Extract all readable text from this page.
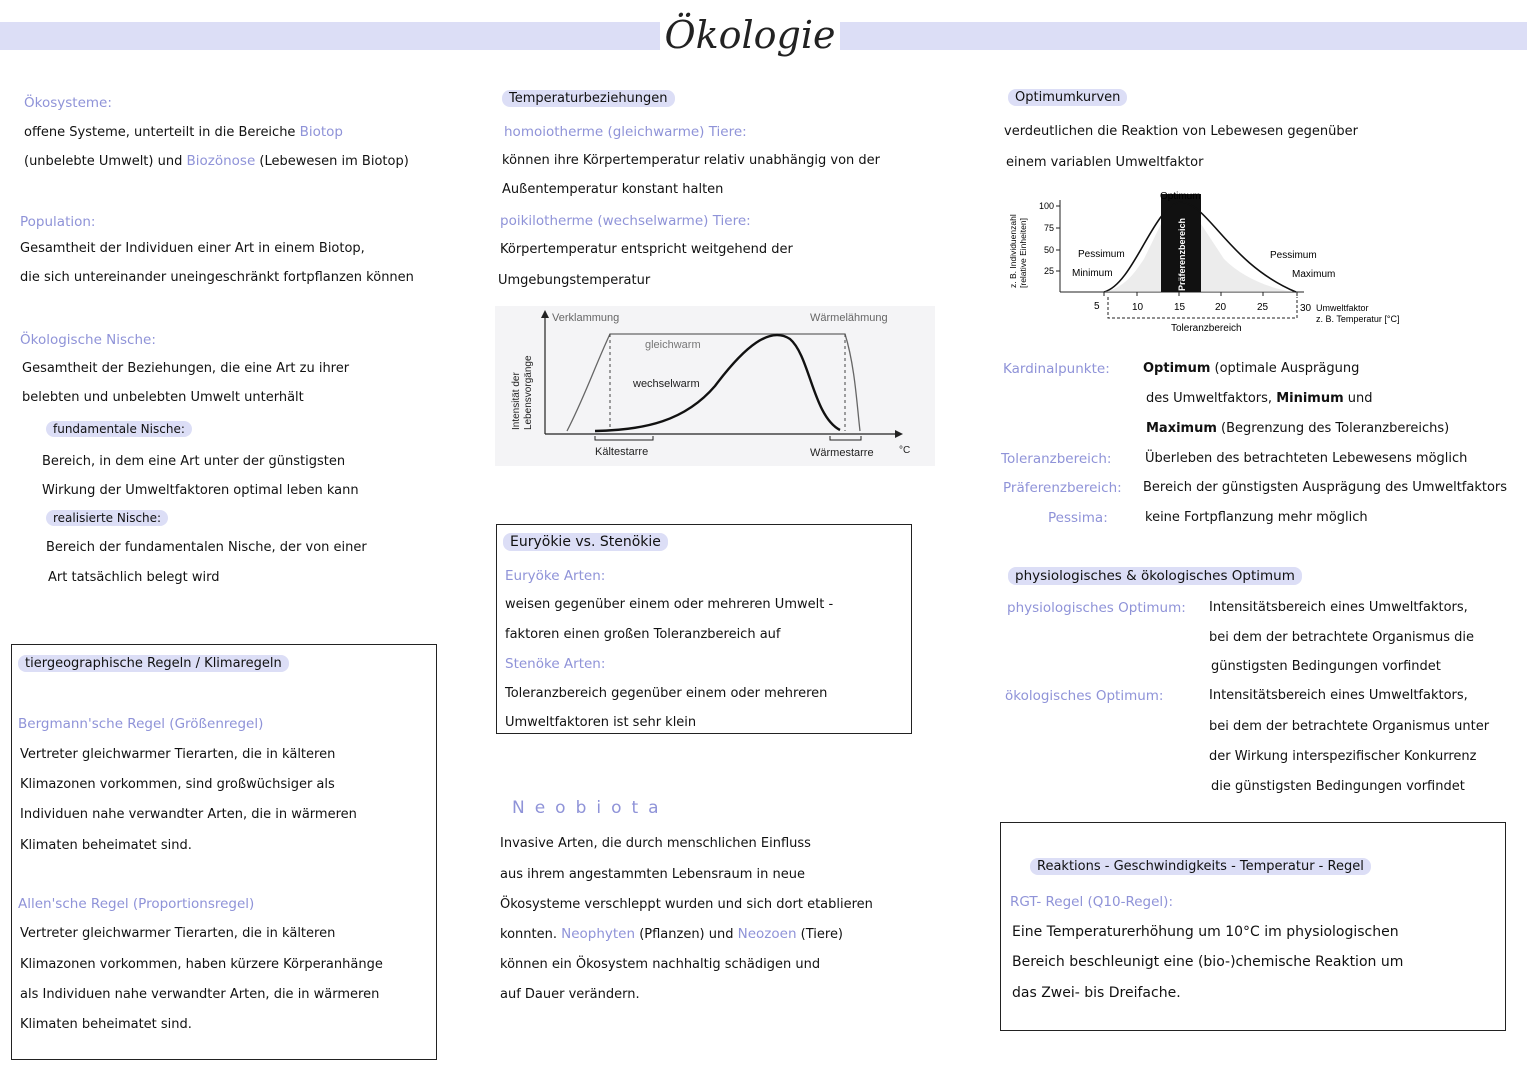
Ökologie
Ökosysteme:
offene Systeme, unterteilt in die Bereiche Biotop
(unbelebte Umwelt) und Biozönose (Lebewesen im Biotop)
Population:
Gesamtheit der Individuen einer Art in einem Biotop,
die sich untereinander uneingeschränkt fortpflanzen können
Ökologische Nische:
Gesamtheit der Beziehungen, die eine Art zu ihrer
belebten und unbelebten Umwelt unterhält
fundamentale Nische:
Bereich, in dem eine Art unter der günstigsten
Wirkung der Umweltfaktoren optimal leben kann
realisierte Nische:
Bereich der fundamentalen Nische, der von einer
Art tatsächlich belegt wird
tiergeographische Regeln / Klimaregeln
Bergmann'sche Regel (Größenregel)
Vertreter gleichwarmer Tierarten, die in kälteren
Klimazonen vorkommen, sind großwüchsiger als
Individuen nahe verwandter Arten, die in wärmeren
Klimaten beheimatet sind.
Allen'sche Regel (Proportionsregel)
Vertreter gleichwarmer Tierarten, die in kälteren
Klimazonen vorkommen, haben kürzere Körperanhänge
als Individuen nahe verwandter Arten, die in wärmeren
Klimaten beheimatet sind.
Temperaturbeziehungen
homoiotherme (gleichwarme) Tiere:
können ihre Körpertemperatur relativ unabhängig von der
Außentemperatur konstant halten
poikilotherme (wechselwarme) Tiere:
Körpertemperatur entspricht weitgehend der
Umgebungstemperatur
Intensität der Lebensvorgänge
Verklammung	Wärmelähmung
gleichwarm
wechselwarm
Kältestarre	Wärmestarre	°C
Euryökie vs. Stenökie
Euryöke Arten:
weisen gegenüber einem oder mehreren Umwelt -
faktoren einen großen Toleranzbereich auf
Stenöke Arten:
Toleranzbereich gegenüber einem oder mehreren
Umweltfaktoren ist sehr klein
Neobiota
Invasive Arten, die durch menschlichen Einfluss
aus ihrem angestammten Lebensraum in neue
Ökosysteme verschleppt wurden und sich dort etablieren
konnten. Neophyten (Pflanzen) und Neozoen (Tiere)
können ein Ökosystem nachhaltig schädigen und
auf Dauer verändern.
Optimumkurven
verdeutlichen die Reaktion von Lebewesen gegenüber
einem variablen Umweltfaktor
100
75
50
25	Präferenzbereich
Optimum
Pessimum
Minimum
Pessimum
Maximum
5	10	15	20	25	30 Umweltfaktor
z. B. Temperatur [°C]
Toleranzbereich
z. B. Individuenzahl [relative Einheiten]
Kardinalpunkte:	Optimum (optimale Ausprägung
des Umweltfaktors, Minimum und
Maximum (Begrenzung des Toleranzbereichs)
Toleranzbereich:	Überleben des betrachteten Lebewesens möglich
Präferenzbereich: Bereich der günstigsten Ausprägung des Umweltfaktors
Pessima:	keine Fortpflanzung mehr möglich
physiologisches & ökologisches Optimum
physiologisches Optimum: Intensitätsbereich eines Umweltfaktors,
bei dem der betrachtete Organismus die
günstigsten Bedingungen vorfindet
ökologisches Optimum:	Intensitätsbereich eines Umweltfaktors,
bei dem der betrachtete Organismus unter
der Wirkung interspezifischer Konkurrenz
die günstigsten Bedingungen vorfindet
Reaktions - Geschwindigkeits - Temperatur - Regel
RGT- Regel (Q10-Regel):
Eine Temperaturerhöhung um 10°C im physiologischen
Bereich beschleunigt eine (bio-)chemische Reaktion um
das Zwei- bis Dreifache.
